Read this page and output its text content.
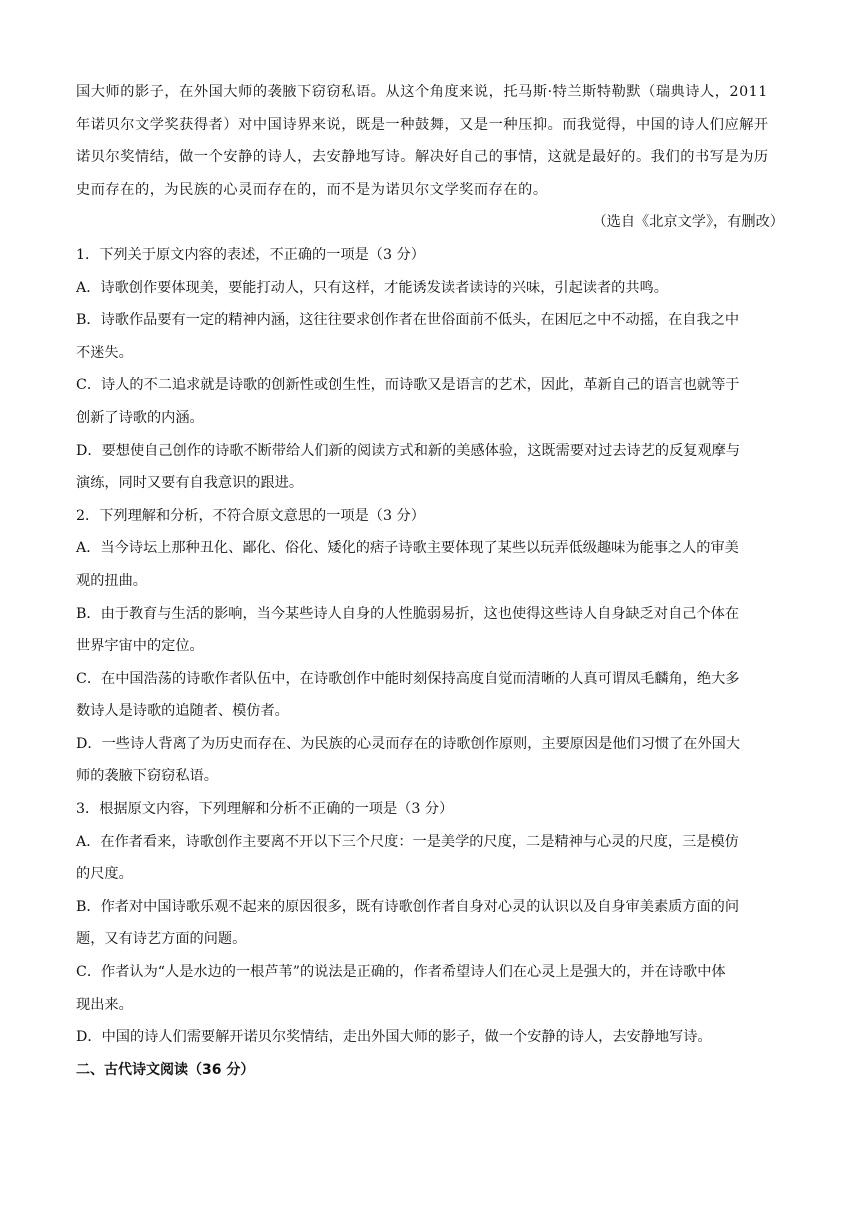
国大师的影子，在外国大师的袭腋下窃窃私语。从这个角度来说，托马斯·特兰斯特勒默（瑞典诗人，2011

年诺贝尔文学奖获得者）对中国诗界来说，既是一种鼓舞，又是一种压抑。而我觉得，中国的诗人们应解开

诺贝尔奖情结，做一个安静的诗人，去安静地写诗。解决好自己的事情，这就是最好的。我们的书写是为历

史而存在的，为民族的心灵而存在的，而不是为诺贝尔文学奖而存在的。

（选自《北京文学》，有删改）

1．下列关于原文内容的表述，不正确的一项是（3 分）

A．诗歌创作要体现美，要能打动人，只有这样，才能诱发读者读诗的兴味，引起读者的共鸣。

B．诗歌作品要有一定的精神内涵，这往往要求创作者在世俗面前不低头，在困厄之中不动摇，在自我之中

不迷失。

C．诗人的不二追求就是诗歌的创新性或创生性，而诗歌又是语言的艺术，因此，革新自己的语言也就等于

创新了诗歌的内涵。

D．要想使自己创作的诗歌不断带给人们新的阅读方式和新的美感体验，这既需要对过去诗艺的反复观摩与

演练，同时又要有自我意识的跟进。

2．下列理解和分析，不符合原文意思的一项是（3 分）

A．当今诗坛上那种丑化、鄙化、俗化、矮化的痞子诗歌主要体现了某些以玩弄低级趣味为能事之人的审美

观的扭曲。

B．由于教育与生活的影响，当今某些诗人自身的人性脆弱易折，这也使得这些诗人自身缺乏对自己个体在

世界宇宙中的定位。

C．在中国浩荡的诗歌作者队伍中，在诗歌创作中能时刻保持高度自觉而清晰的人真可谓凤毛麟角，绝大多

数诗人是诗歌的追随者、模仿者。

D．一些诗人背离了为历史而存在、为民族的心灵而存在的诗歌创作原则，主要原因是他们习惯了在外国大

师的袭腋下窃窃私语。

3．根据原文内容，下列理解和分析不正确的一项是（3 分）

A．在作者看来，诗歌创作主要离不开以下三个尺度：一是美学的尺度，二是精神与心灵的尺度，三是模仿

的尺度。

B．作者对中国诗歌乐观不起来的原因很多，既有诗歌创作者自身对心灵的认识以及自身审美素质方面的问

题，又有诗艺方面的问题。

C．作者认为“人是水边的一根芦苇”的说法是正确的，作者希望诗人们在心灵上是强大的，并在诗歌中体

现出来。

D．中国的诗人们需要解开诺贝尔奖情结，走出外国大师的影子，做一个安静的诗人，去安静地写诗。

二、古代诗文阅读（36 分）
